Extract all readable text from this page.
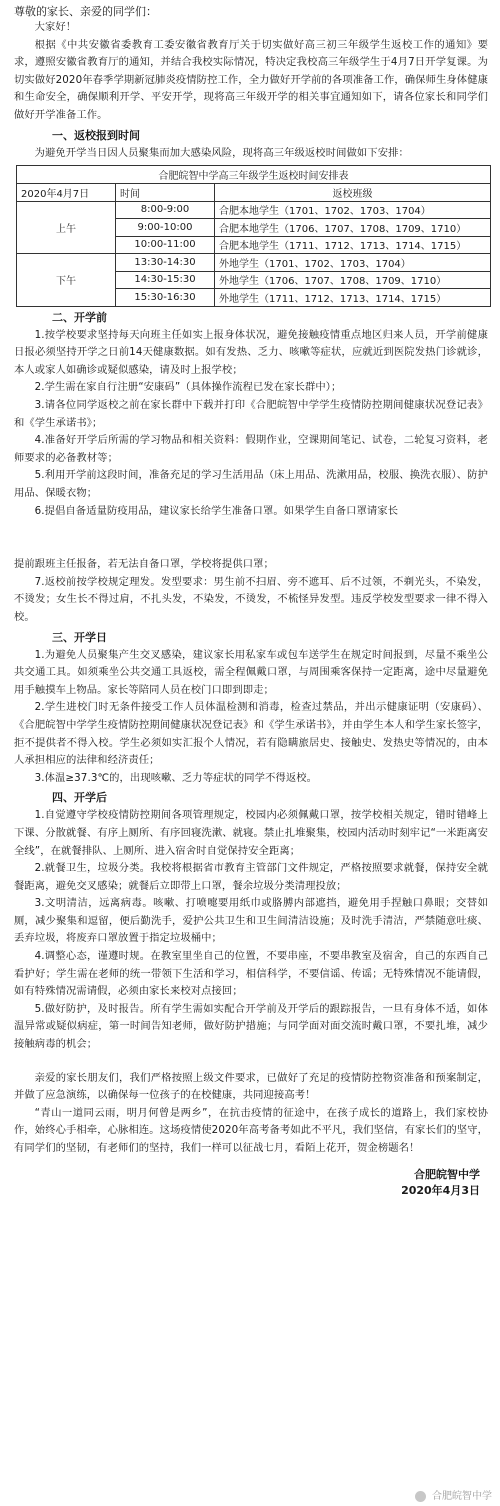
尊敬的家长、亲爱的同学们：

大家好！

根据《中共安徽省委教育工委安徽省教育厅关于切实做好高三初三年级学生返校工作的通知》要求，遵照安徽省教育厅的通知，并结合我校实际情况，特决定我校高三年级学生于4月7日开学复课。为切实做好2020年春季学期新冠肺炎疫情防控工作，全力做好开学前的各项准备工作，确保师生身体健康和生命安全，确保顺利开学、平安开学，现将高三年级开学的相关事宜通知如下，请各位家长和同学们做好开学准备工作。

一、返校报到时间

为避免开学当日因人员聚集而加大感染风险，现将高三年级返校时间做如下安排：

合肥皖智中学高三年级学生返校时间安排表		
2020年4月7日	时间	返校班级
上午	8:00-9:00	合肥本地学生（1701、1702、1703、1704）
	9:00-10:00	合肥本地学生（1706、1707、1708、1709、1710）
	10:00-11:00	合肥本地学生（1711、1712、1713、1714、1715）
下午	13:30-14:30	外地学生（1701、1702、1703、1704）
	14:30-15:30	外地学生（1706、1707、1708、1709、1710）
	15:30-16:30	外地学生（1711、1712、1713、1714、1715）
二、开学前

1.按学校要求坚持每天向班主任如实上报身体状况，避免接触疫情重点地区归来人员，开学前健康日报必须坚持开学之日前14天健康数据。如有发热、乏力、咳嗽等症状，应就近到医院发热门诊就诊，本人或家人如确诊或疑似感染，请及时上报学校；

2.学生需在家自行注册“安康码”（具体操作流程已发在家长群中）；

3.请各位同学返校之前在家长群中下载并打印《合肥皖智中学学生疫情防控期间健康状况登记表》和《学生承诺书》；

4.准备好开学后所需的学习物品和相关资料：假期作业，空课期间笔记、试卷，二轮复习资料，老师要求的必备教材等；

5.利用开学前这段时间，准备充足的学习生活用品（床上用品、洗漱用品，校服、换洗衣服）、防护用品、保暖衣物；

6.提倡自备适量防疫用品，建议家长给学生准备口罩。如果学生自备口罩请家长

提前跟班主任报备，若无法自备口罩，学校将提供口罩；

7.返校前按学校规定理发。发型要求：男生前不扫眉、旁不遮耳、后不过领，不剃光头，不染发，不烫发；女生长不得过肩，不扎头发，不染发，不烫发，不梳怪异发型。违反学校发型要求一律不得入校。

三、开学日

1.为避免人员聚集产生交叉感染，建议家长用私家车或包车送学生在规定时间报到，尽量不乘坐公共交通工具。如须乘坐公共交通工具返校，需全程佩戴口罩，与周围乘客保持一定距离，途中尽量避免用手触摸车上物品。家长等陪同人员在校门口即到即走；

2.学生进校门时无条件接受工作人员体温检测和消毒，检查过禁品，并出示健康证明（安康码）、《合肥皖智中学学生疫情防控期间健康状况登记表》和《学生承诺书》，并由学生本人和学生家长签字，拒不提供者不得入校。学生必须如实汇报个人情况，若有隐瞒旅居史、接触史、发热史等情况的，由本人承担相应的法律和经济责任；

3.体温≥37.3℃的，出现咳嗽、乏力等症状的同学不得返校。

四、开学后

1.自觉遵守学校疫情防控期间各项管理规定，校园内必须佩戴口罩，按学校相关规定，错时错峰上下课、分散就餐、有序上厕所、有序回寝洗漱、就寝。禁止扎堆聚集，校园内活动时刻牢记“一米距离安全线”，在就餐排队、上厕所、进入宿舍时自觉保持安全距离；

2.就餐卫生，垃圾分类。我校将根据省市教育主管部门文件规定，严格按照要求就餐，保持安全就餐距离，避免交叉感染；就餐后立即带上口罩，餐余垃圾分类清理投放；

3.文明清洁，远离病毒。咳嗽、打喷嚏要用纸巾或胳膊内部遮挡，避免用手捏触口鼻眼；交替如厕，减少聚集和逗留，便后勤洗手，爱护公共卫生和卫生间清洁设施；及时洗手清洁，严禁随意吐痰、丢弃垃圾，将废弃口罩放置于指定垃圾桶中；

4.调整心态，谨遵时规。在教室里坐自己的位置，不要串座，不要串教室及宿舍，自己的东西自己看护好；学生需在老师的统一带领下生活和学习，相信科学，不要信谣、传谣；无特殊情况不能请假，如有特殊情况需请假，必须由家长来校对点接回；

5.做好防护，及时报告。所有学生需如实配合开学前及开学后的跟踪报告，一旦有身体不适，如体温异常或疑似病症，第一时间告知老师，做好防护措施；与同学面对面交流时戴口罩，不要扎堆，减少接触病毒的机会；

亲爱的家长朋友们，我们严格按照上级文件要求，已做好了充足的疫情防控物资准备和预案制定，并做了应急演练，以确保每一位孩子的在校健康，共同迎接高考！

“青山一道同云雨，明月何曾是两乡”，在抗击疫情的征途中，在孩子成长的道路上，我们家校协作，始终心手相牵，心脉相连。这场疫情使2020年高考备考如此不平凡，我们坚信，有家长们的坚守，有同学们的坚韧，有老师们的坚持，我们一样可以征战七月，看陌上花开，贺金榜题名！

合肥皖智中学
2020年4月3日
合肥皖智中学
